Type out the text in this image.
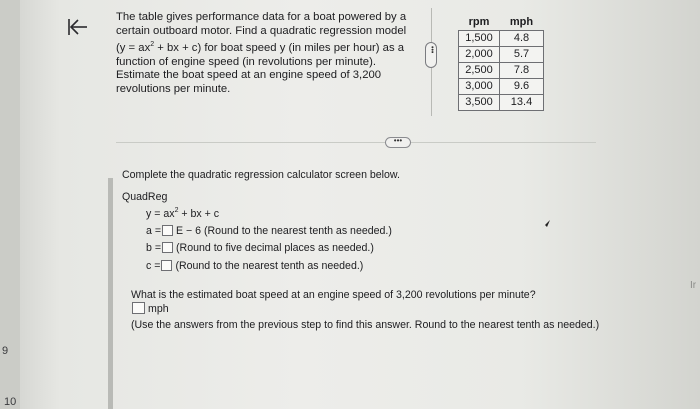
9
10
The table gives performance data for a boat powered by a
certain outboard motor. Find a quadratic regression model
($y = ax^2$ + bx + c) for boat speed y (in miles per hour) as a
function of engine speed (in revolutions per minute).
Estimate the boat speed at an engine speed of 3,200
revolutions per minute.
•••
rpm	mph
1,500	4.8
2,000	5.7
2,500	7.8
3,000	9.6
3,500	13.4
•••
Complete the quadratic regression calculator screen below.
QuadReg
$y = ax^2$ + bx + c
a = E − 6 (Round to the nearest tenth as needed.)
b = (Round to five decimal places as needed.)
c = (Round to the nearest tenth as needed.)
What is the estimated boat speed at an engine speed of 3,200 revolutions per minute?
mph
(Use the answers from the previous step to find this answer. Round to the nearest tenth as needed.)
Ir
